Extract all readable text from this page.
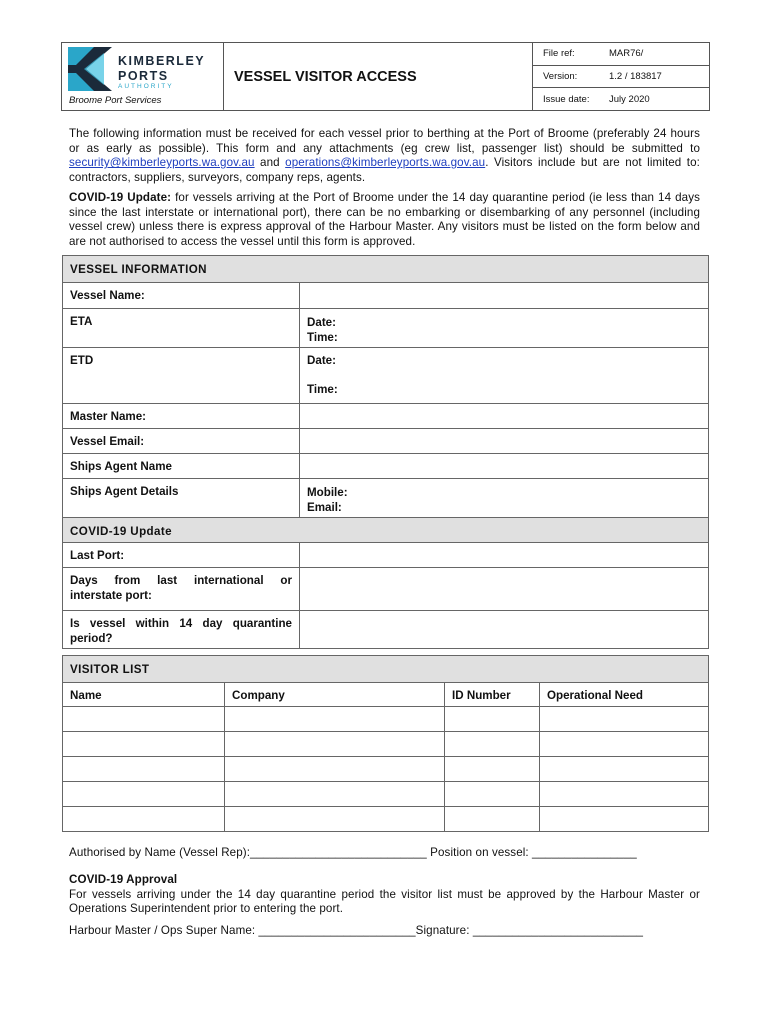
KIMBERLEY
PORTS
AUTHORITY
Broome Port Services
VESSEL VISITOR ACCESS
File ref:	MAR76/
Version:	1.2 / 183817
Issue date:	July 2020
The following information must be received for each vessel prior to berthing at the Port of Broome (preferably 24 hours or as early as possible). This form and any attachments (eg crew list, passenger list) should be submitted to security@kimberleyports.wa.gov.au and operations@kimberleyports.wa.gov.au. Visitors include but are not limited to: contractors, suppliers, surveyors, company reps, agents.
COVID-19 Update: for vessels arriving at the Port of Broome under the 14 day quarantine period (ie less than 14 days since the last interstate or international port), there can be no embarking or disembarking of any personnel (including vessel crew) unless there is express approval of the Harbour Master. Any visitors must be listed on the form below and are not authorised to access the vessel until this form is approved.
VESSEL INFORMATION
Vessel Name:
ETA	Date:
Time:
ETD	Date:
Time:
Master Name:
Vessel Email:
Ships Agent Name
Ships Agent Details	Mobile:
Email:
COVID-19 Update
Last Port:
Days from last international or interstate port:
Is vessel within 14 day quarantine period?
VISITOR LIST
Name	Company	ID Number	Operational Need
Authorised by Name (Vessel Rep):___________________________ Position on vessel: ________________
COVID-19 Approval
For vessels arriving under the 14 day quarantine period the visitor list must be approved by the Harbour Master or Operations Superintendent prior to entering the port.
Harbour Master / Ops Super Name: ________________________Signature: __________________________
